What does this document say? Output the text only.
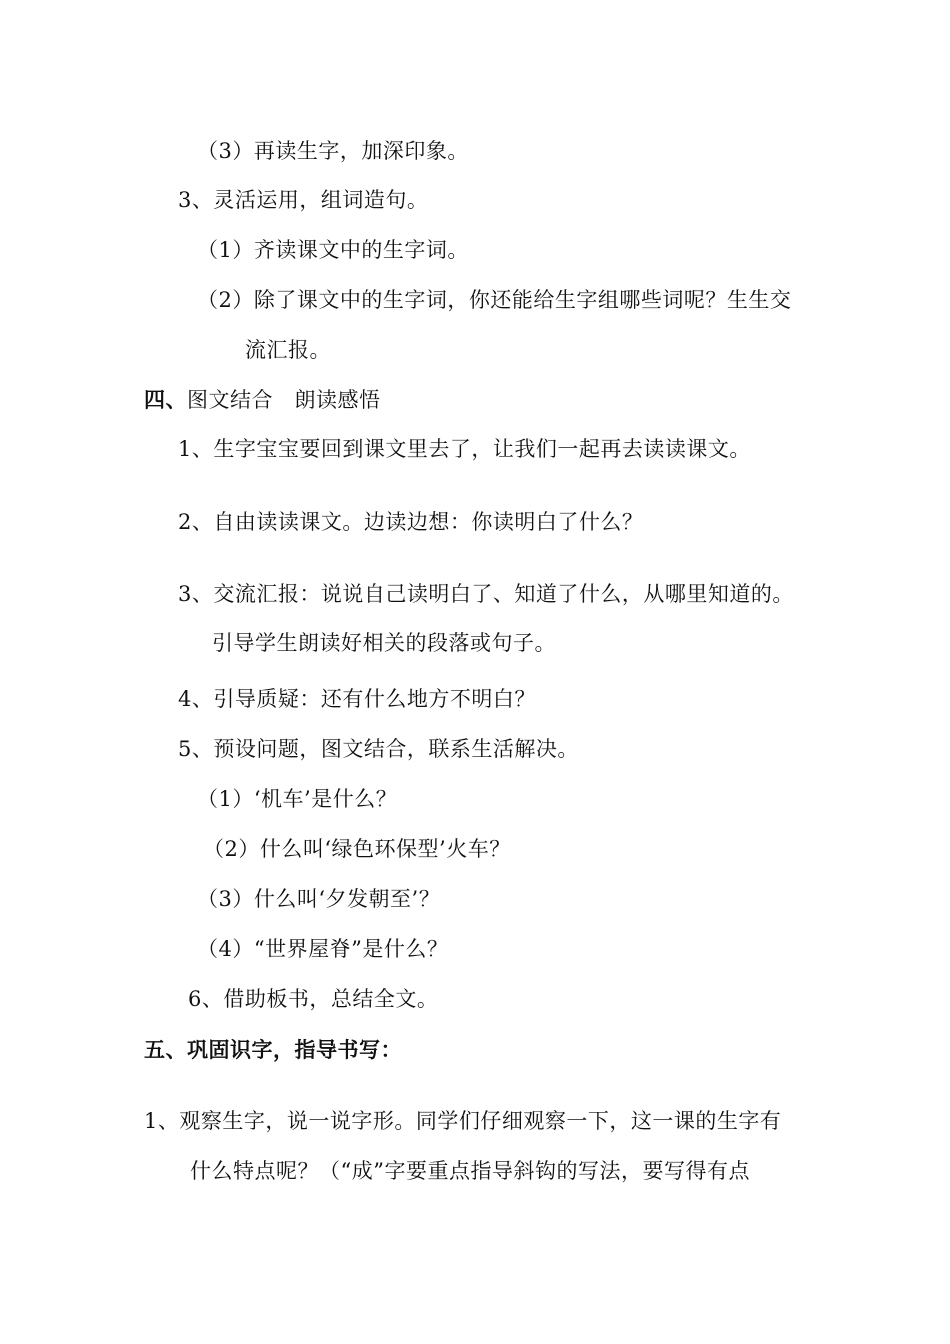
（3）再读生字，加深印象。
3、灵活运用，组词造句。
（1）齐读课文中的生字词。
（2）除了课文中的生字词，你还能给生字组哪些词呢？生生交
流汇报。
四、图文结合　朗读感悟
1、生字宝宝要回到课文里去了，让我们一起再去读读课文。
2、自由读读课文。边读边想：你读明白了什么？
3、交流汇报：说说自己读明白了、知道了什么，从哪里知道的。
引导学生朗读好相关的段落或句子。
4、引导质疑：还有什么地方不明白？
5、预设问题，图文结合，联系生活解决。
（1）‘机车’是什么？
（2）什么叫‘绿色环保型’火车？
（3）什么叫‘夕发朝至’？
（4）“世界屋脊”是什么？
6、借助板书，总结全文。
五、巩固识字，指导书写：
1、观察生字，说一说字形。同学们仔细观察一下，这一课的生字有
什么特点呢？（“成”字要重点指导斜钩的写法，要写得有点
